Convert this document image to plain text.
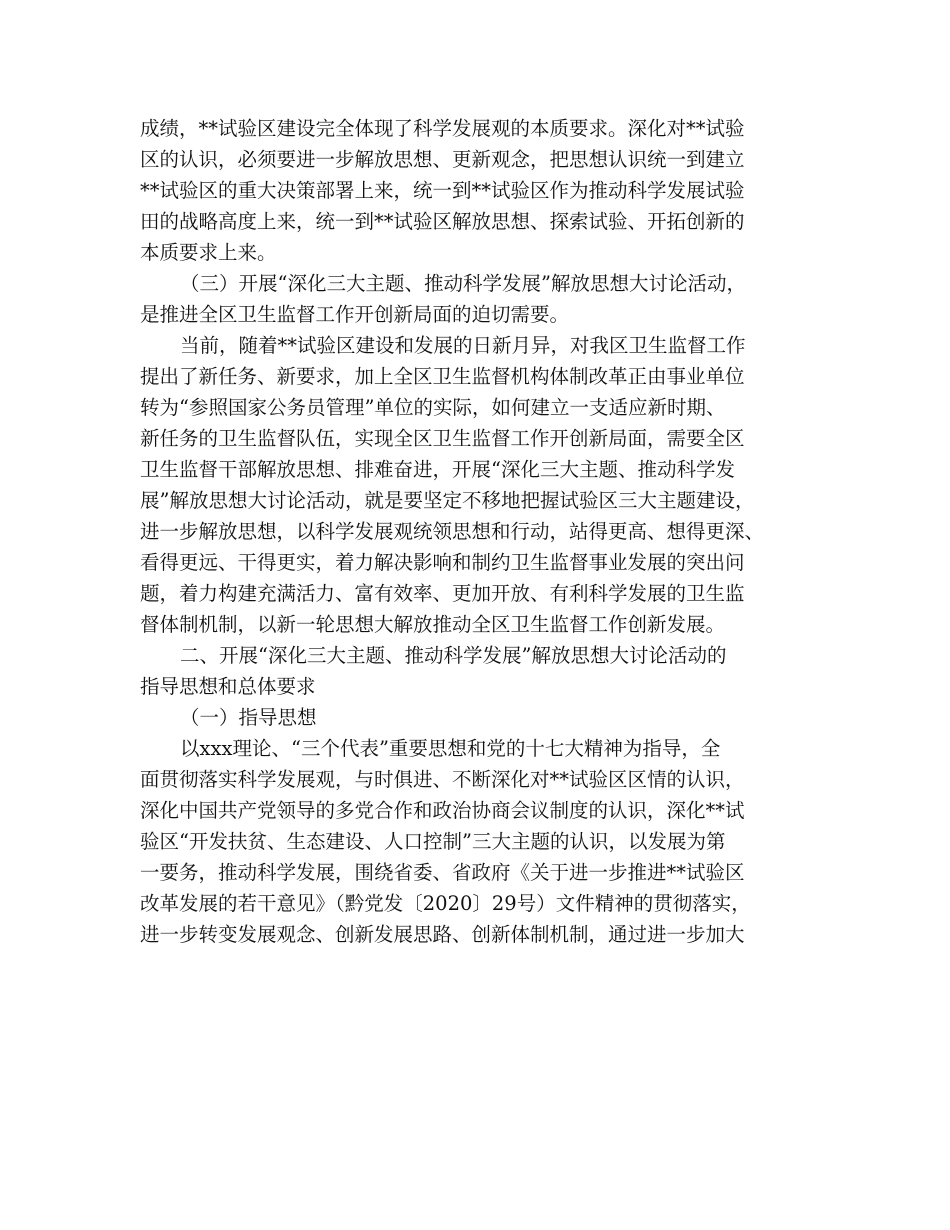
成绩，**试验区建设完全体现了科学发展观的本质要求。深化对**试验
区的认识，必须要进一步解放思想、更新观念，把思想认识统一到建立
**试验区的重大决策部署上来，统一到**试验区作为推动科学发展试验
田的战略高度上来，统一到**试验区解放思想、探索试验、开拓创新的
本质要求上来。
（三）开展“深化三大主题、推动科学发展”解放思想大讨论活动，
是推进全区卫生监督工作开创新局面的迫切需要。
当前，随着**试验区建设和发展的日新月异，对我区卫生监督工作
提出了新任务、新要求，加上全区卫生监督机构体制改革正由事业单位
转为“参照国家公务员管理”单位的实际，如何建立一支适应新时期、
新任务的卫生监督队伍，实现全区卫生监督工作开创新局面，需要全区
卫生监督干部解放思想、排难奋进，开展“深化三大主题、推动科学发
展”解放思想大讨论活动，就是要坚定不移地把握试验区三大主题建设，
进一步解放思想，以科学发展观统领思想和行动，站得更高、想得更深、
看得更远、干得更实，着力解决影响和制约卫生监督事业发展的突出问
题，着力构建充满活力、富有效率、更加开放、有利科学发展的卫生监
督体制机制，以新一轮思想大解放推动全区卫生监督工作创新发展。
二、开展“深化三大主题、推动科学发展”解放思想大讨论活动的
指导思想和总体要求
（一）指导思想
以xxx理论、“三个代表”重要思想和党的十七大精神为指导，全
面贯彻落实科学发展观，与时俱进、不断深化对**试验区区情的认识，
深化中国共产党领导的多党合作和政治协商会议制度的认识，深化**试
验区“开发扶贫、生态建设、人口控制”三大主题的认识，以发展为第
一要务，推动科学发展，围绕省委、省政府《关于进一步推进**试验区
改革发展的若干意见》（黔党发〔2020〕29号）文件精神的贯彻落实，
进一步转变发展观念、创新发展思路、创新体制机制，通过进一步加大
